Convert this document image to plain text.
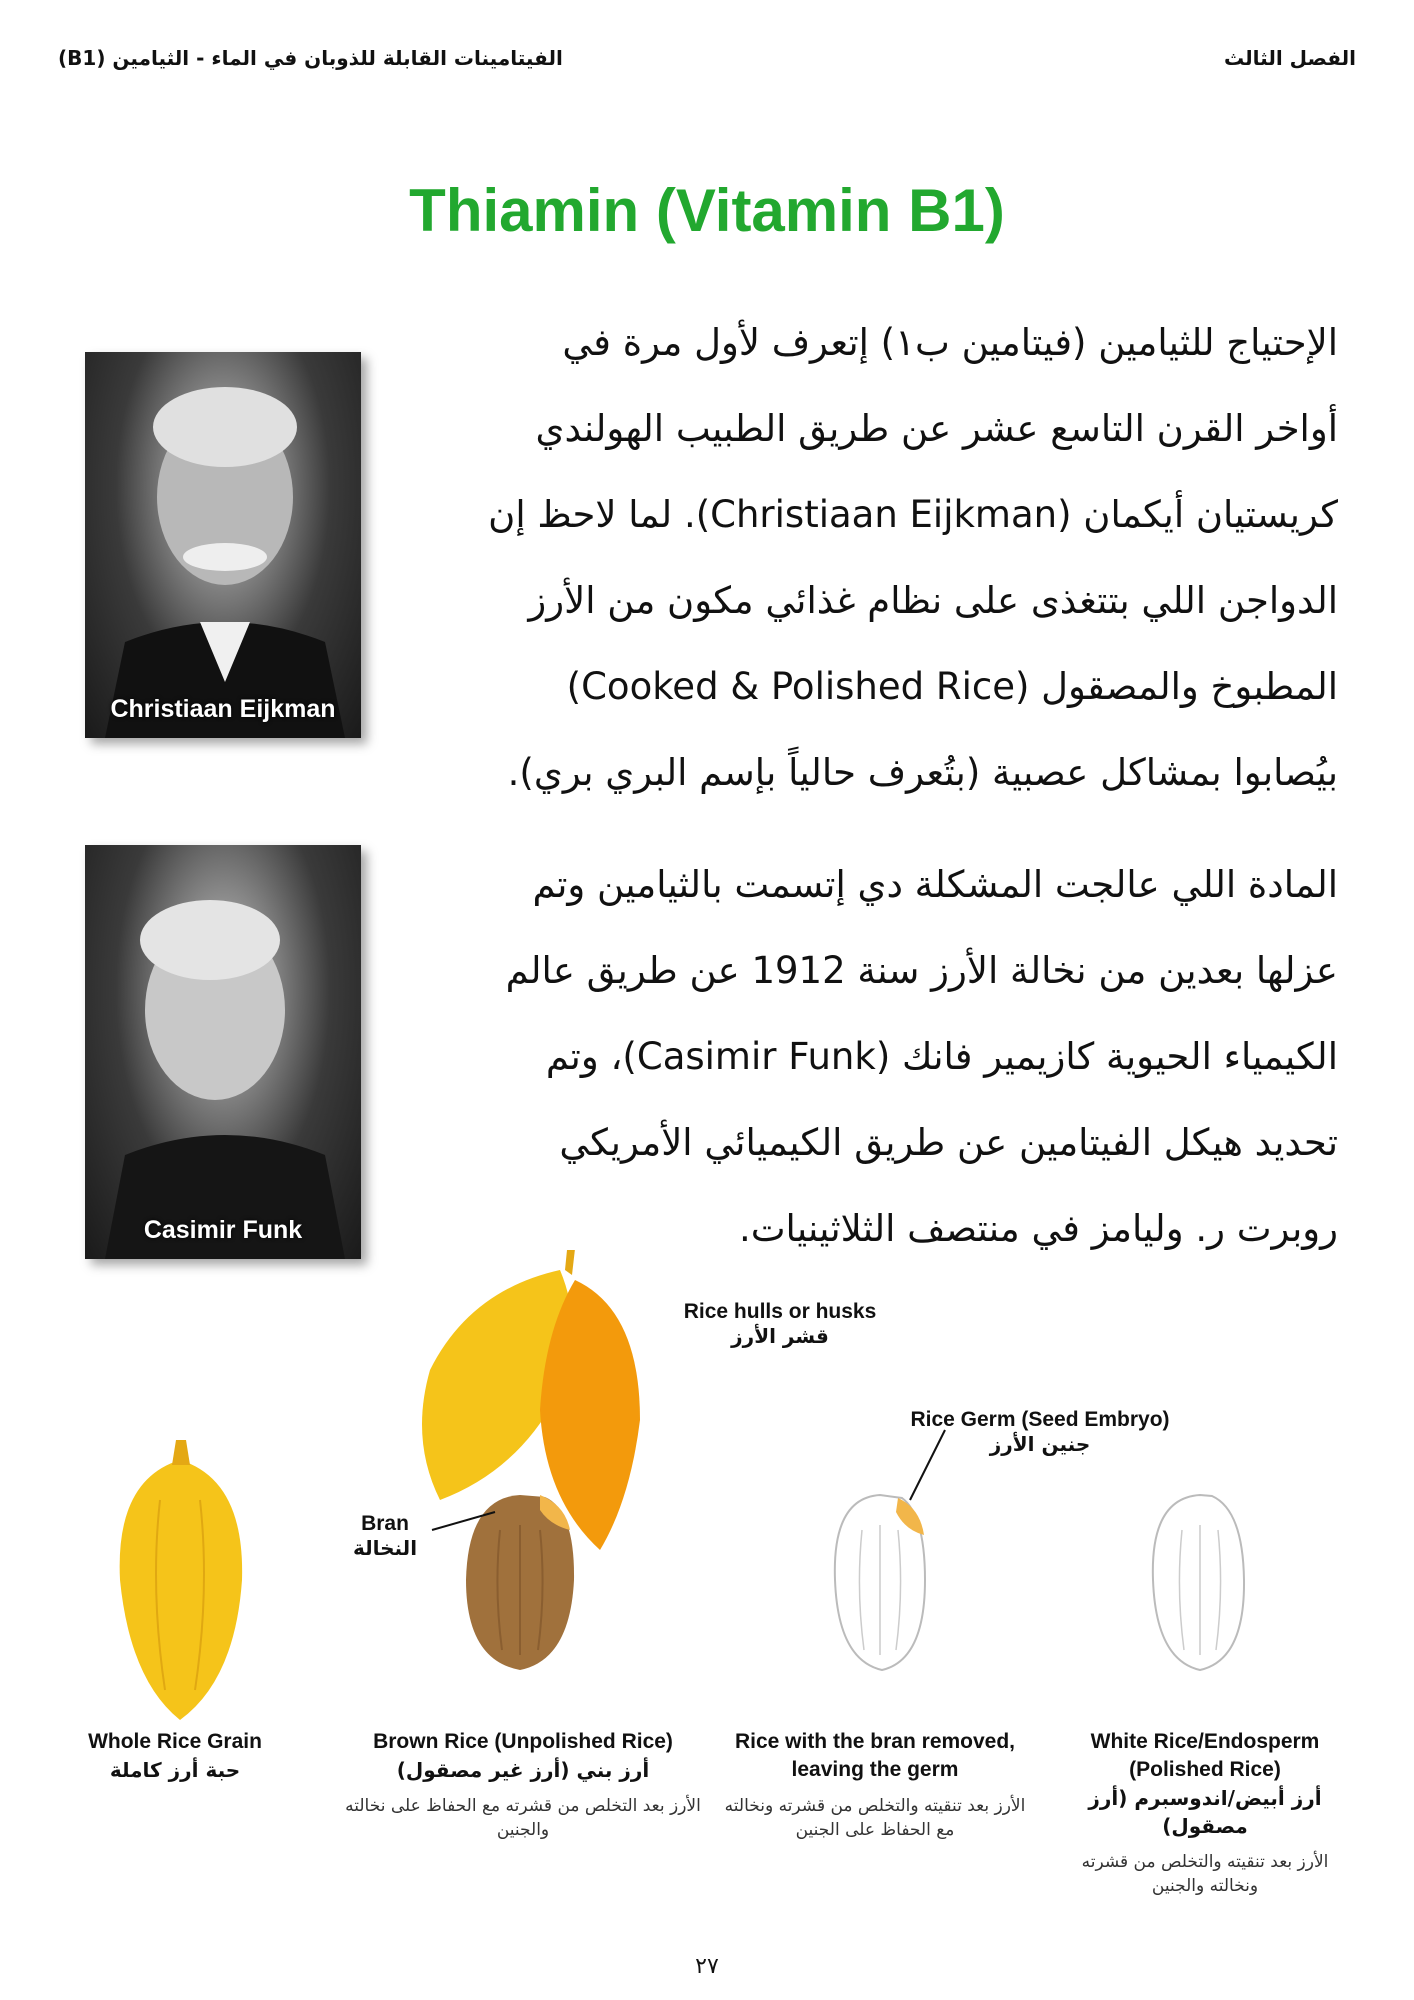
الفصل الثالث
الفيتامينات القابلة للذوبان في الماء - الثيامين (B1)
Thiamin (Vitamin B1)

الإحتياج للثيامين (فيتامين ب١) إتعرف لأول مرة في

أواخر القرن التاسع عشر عن طريق الطبيب الهولندي

كريستيان أيكمان (Christiaan Eijkman). لما لاحظ إن

الدواجن اللي بتتغذى على نظام غذائي مكون من الأرز

المطبوخ والمصقول (Cooked & Polished Rice)

بيُصابوا بمشاكل عصبية (بتُعرف حالياً بإسم البري بري).

المادة اللي عالجت المشكلة دي إتسمت بالثيامين وتم

عزلها بعدين من نخالة الأرز سنة 1912 عن طريق عالم

الكيمياء الحيوية كازيمير فانك (Casimir Funk)، وتم

تحديد هيكل الفيتامين عن طريق الكيميائي الأمريكي

روبرت ر. وليامز في منتصف الثلاثينيات.

Christiaan Eijkman
Casimir Funk
Rice hulls or husks
قشر الأرز
Rice Germ (Seed Embryo)
جنين الأرز
Bran
النخالة
Whole Rice Grain
حبة أرز كاملة
Brown Rice (Unpolished Rice)
أرز بني (أرز غير مصقول)
الأرز بعد التخلص من قشرته مع الحفاظ على نخالته والجنين
Rice with the bran removed, leaving the germ
الأرز بعد تنقيته والتخلص من قشرته ونخالته مع الحفاظ على الجنين
White Rice/Endosperm (Polished Rice)
أرز أبيض/اندوسبرم (أرز مصقول)
الأرز بعد تنقيته والتخلص من قشرته ونخالته والجنين
٢٧
